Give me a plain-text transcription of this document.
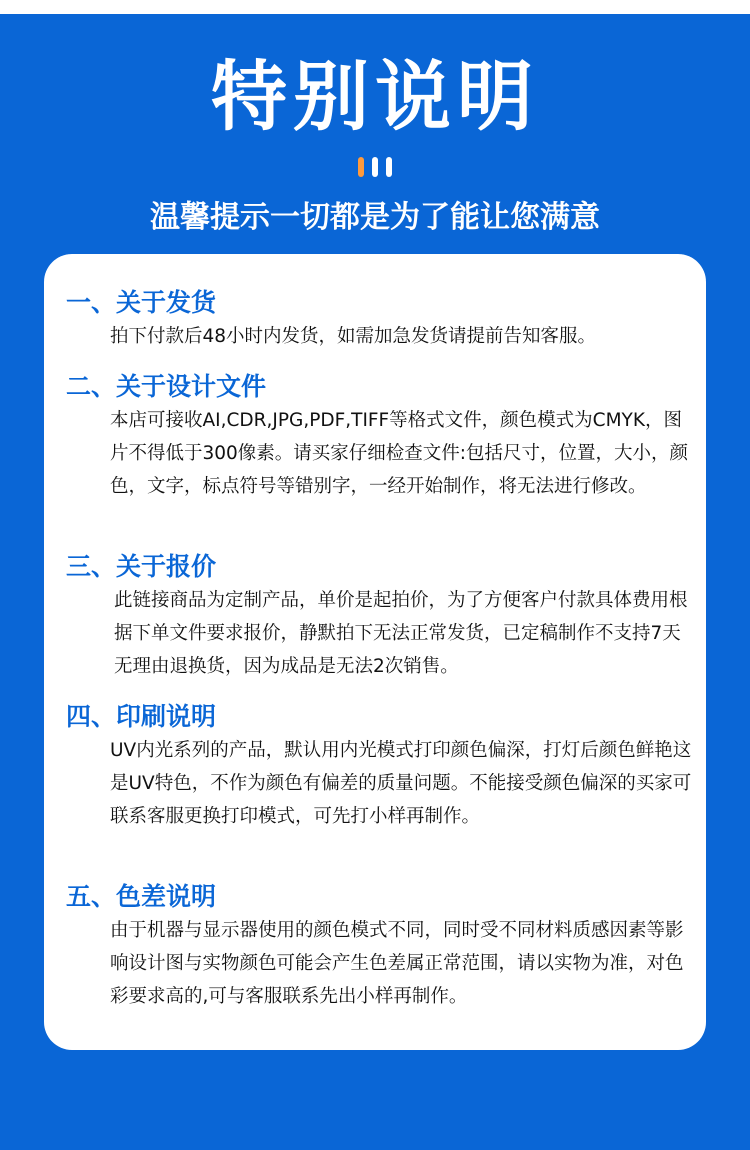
特别说明
温馨提示一切都是为了能让您满意

一、关于发货

拍下付款后48小时内发货，如需加急发货请提前告知客服。

二、关于设计文件

本店可接收AI,CDR,JPG,PDF,TIFF等格式文件，颜色模式为CMYK，图片不得低于300像素。请买家仔细检查文件:包括尺寸，位置，大小，颜色，文字，标点符号等错别字，一经开始制作，将无法进行修改。

三、关于报价

此链接商品为定制产品，单价是起拍价，为了方便客户付款具体费用根据下单文件要求报价，静默拍下无法正常发货，已定稿制作不支持7天无理由退换货，因为成品是无法2次销售。

四、印刷说明

UV内光系列的产品，默认用内光模式打印颜色偏深，打灯后颜色鲜艳这是UV特色，不作为颜色有偏差的质量问题。不能接受颜色偏深的买家可联系客服更换打印模式，可先打小样再制作。

五、色差说明

由于机器与显示器使用的颜色模式不同，同时受不同材料质感因素等影响设计图与实物颜色可能会产生色差属正常范围，请以实物为准，对色彩要求高的,可与客服联系先出小样再制作。
